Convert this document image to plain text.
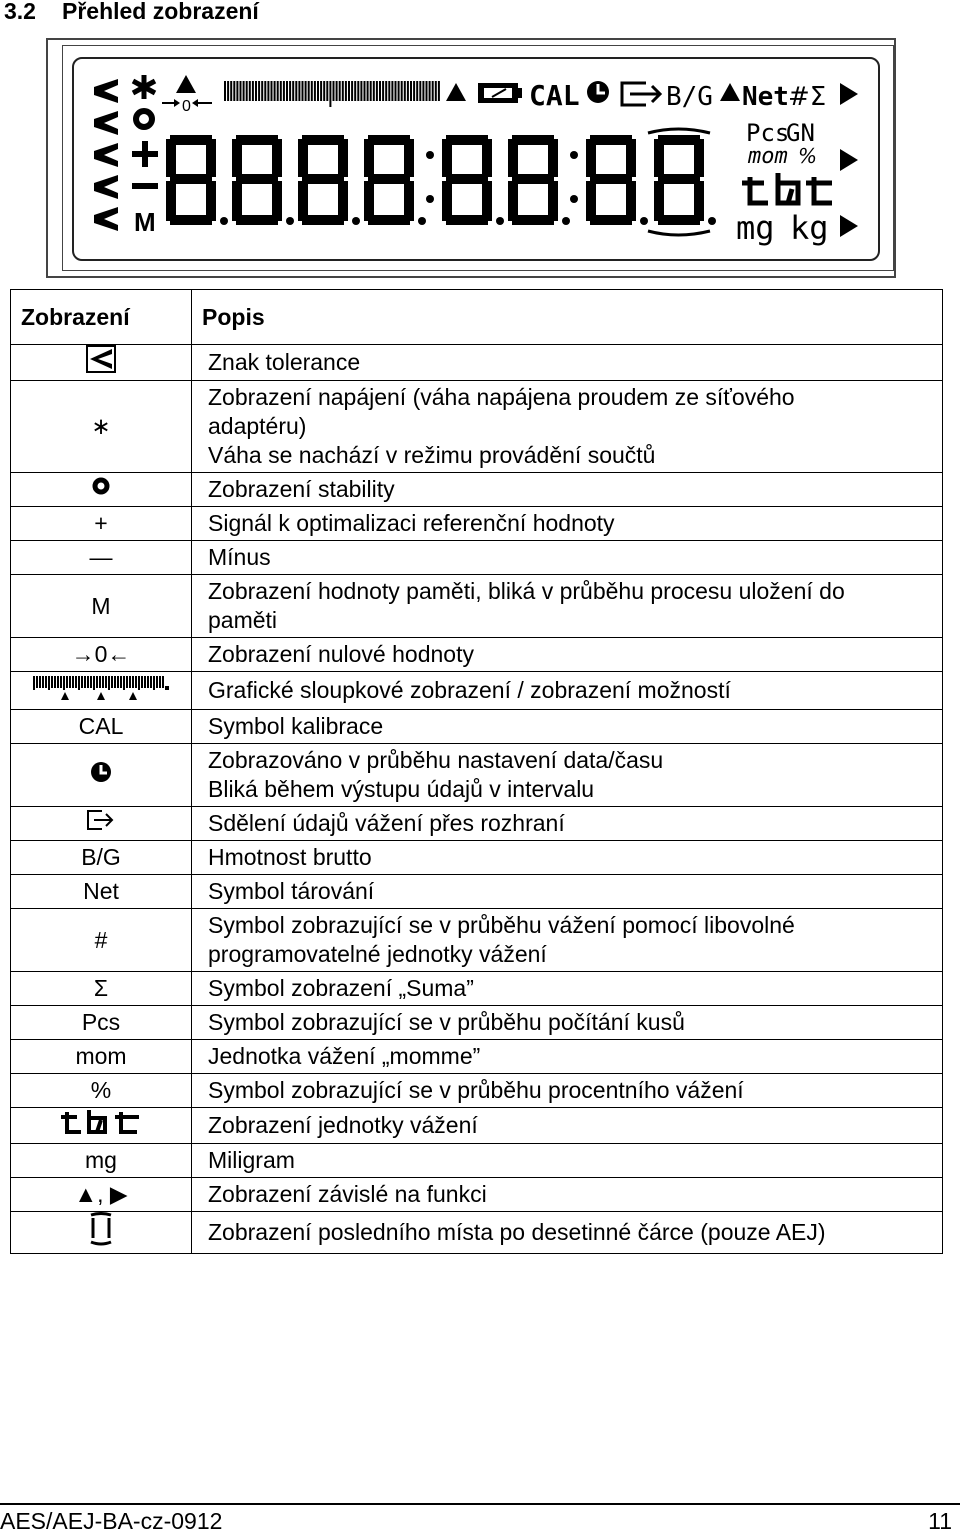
3.2 Přehled zobrazení
M
0	CAL	B/G Net #Σ
Pcs
GN
mom %
mg kg
Zobrazení	Popis
	Znak tolerance
∗	Zobrazení napájení (váha napájena proudem ze síťového
adaptéru)
Váha se nachází v režimu provádění součtů
	Zobrazení stability
+	Signál k optimalizaci referenční hodnoty
—	Mínus
M	Zobrazení hodnoty paměti, bliká v průběhu procesu uložení do
paměti
→0←	Zobrazení nulové hodnoty
	Grafické sloupkové zobrazení / zobrazení možností
CAL	Symbol kalibrace
	Zobrazováno v průběhu nastavení data/času
Bliká během výstupu údajů v intervalu
	Sdělení údajů vážení přes rozhraní
B/G	Hmotnost brutto
Net	Symbol tárování
#	Symbol zobrazující se v průběhu vážení pomocí libovolné
programovatelné jednotky vážení
Σ	Symbol zobrazení „Suma”
Pcs	Symbol zobrazující se v průběhu počítání kusů
mom	Jednotka vážení „momme”
%	Symbol zobrazující se v průběhu procentního vážení
	Zobrazení jednotky vážení
mg	Miligram
▲, ▶	Zobrazení závislé na funkci
	Zobrazení posledního místa po desetinné čárce (pouze AEJ)
AES/AEJ-BA-cz-0912	11
